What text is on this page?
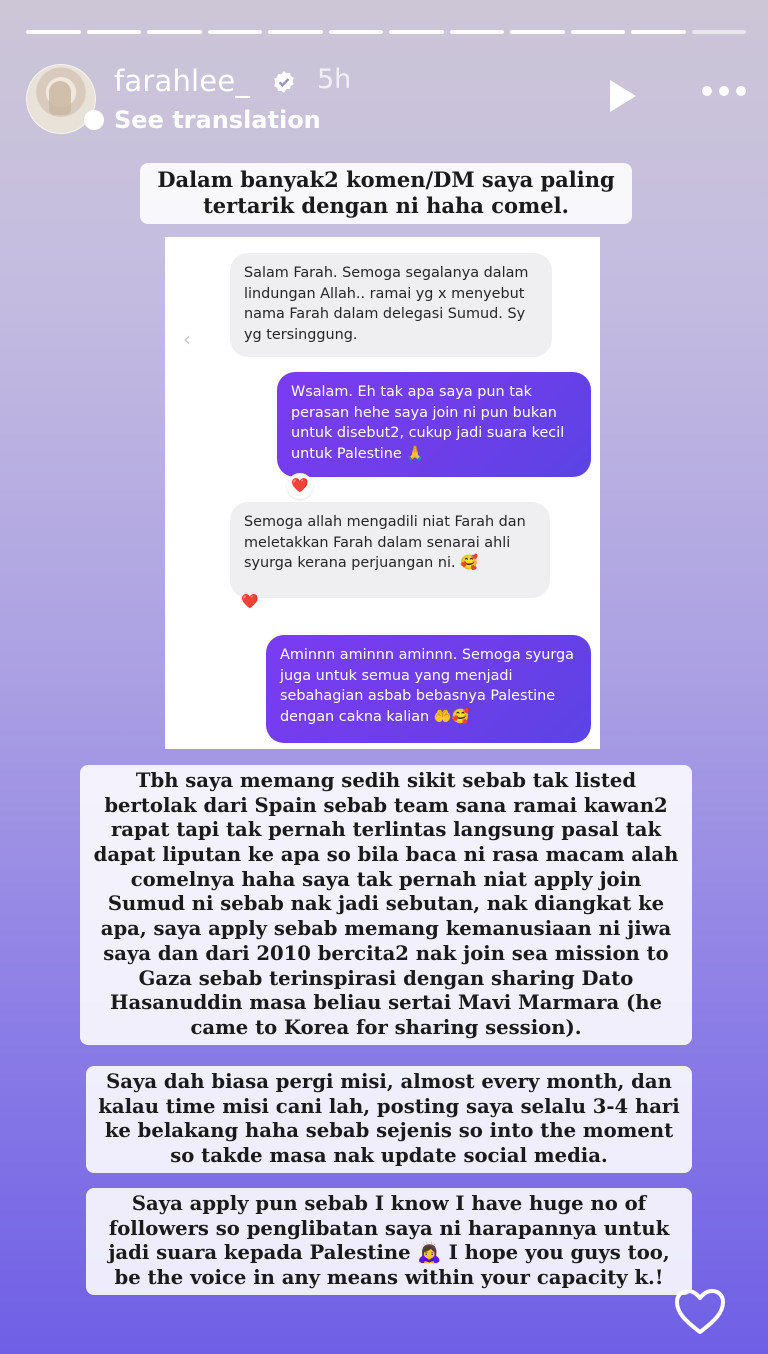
farahlee_ 5h
See translation
Dalam banyak2 komen/DM saya paling tertarik dengan ni haha comel.
‹
Salam Farah. Semoga segalanya dalam lindungan Allah.. ramai yg x menyebut nama Farah dalam delegasi Sumud. Sy yg tersinggung.
Wsalam. Eh tak apa saya pun tak perasan hehe saya join ni pun bukan untuk disebut2, cukup jadi suara kecil untuk Palestine 🙏
❤️
Semoga allah mengadili niat Farah dan meletakkan Farah dalam senarai ahli syurga kerana perjuangan ni. 🥰
❤️
Aminnn aminnn aminnn. Semoga syurga juga untuk semua yang menjadi sebahagian asbab bebasnya Palestine dengan cakna kalian 🤲🥰
Tbh saya memang sedih sikit sebab tak listed bertolak dari Spain sebab team sana ramai kawan2 rapat tapi tak pernah terlintas langsung pasal tak dapat liputan ke apa so bila baca ni rasa macam alah comelnya haha saya tak pernah niat apply join Sumud ni sebab nak jadi sebutan, nak diangkat ke apa, saya apply sebab memang kemanusiaan ni jiwa saya dan dari 2010 bercita2 nak join sea mission to Gaza sebab terinspirasi dengan sharing Dato Hasanuddin masa beliau sertai Mavi Marmara (he came to Korea for sharing session).
Saya dah biasa pergi misi, almost every month, dan kalau time misi cani lah, posting saya selalu 3-4 hari ke belakang haha sebab sejenis so into the moment so takde masa nak update social media.
Saya apply pun sebab I know I have huge no of followers so penglibatan saya ni harapannya untuk jadi suara kepada Palestine 🙇‍♀️ I hope you guys too, be the voice in any means within your capacity k.!
